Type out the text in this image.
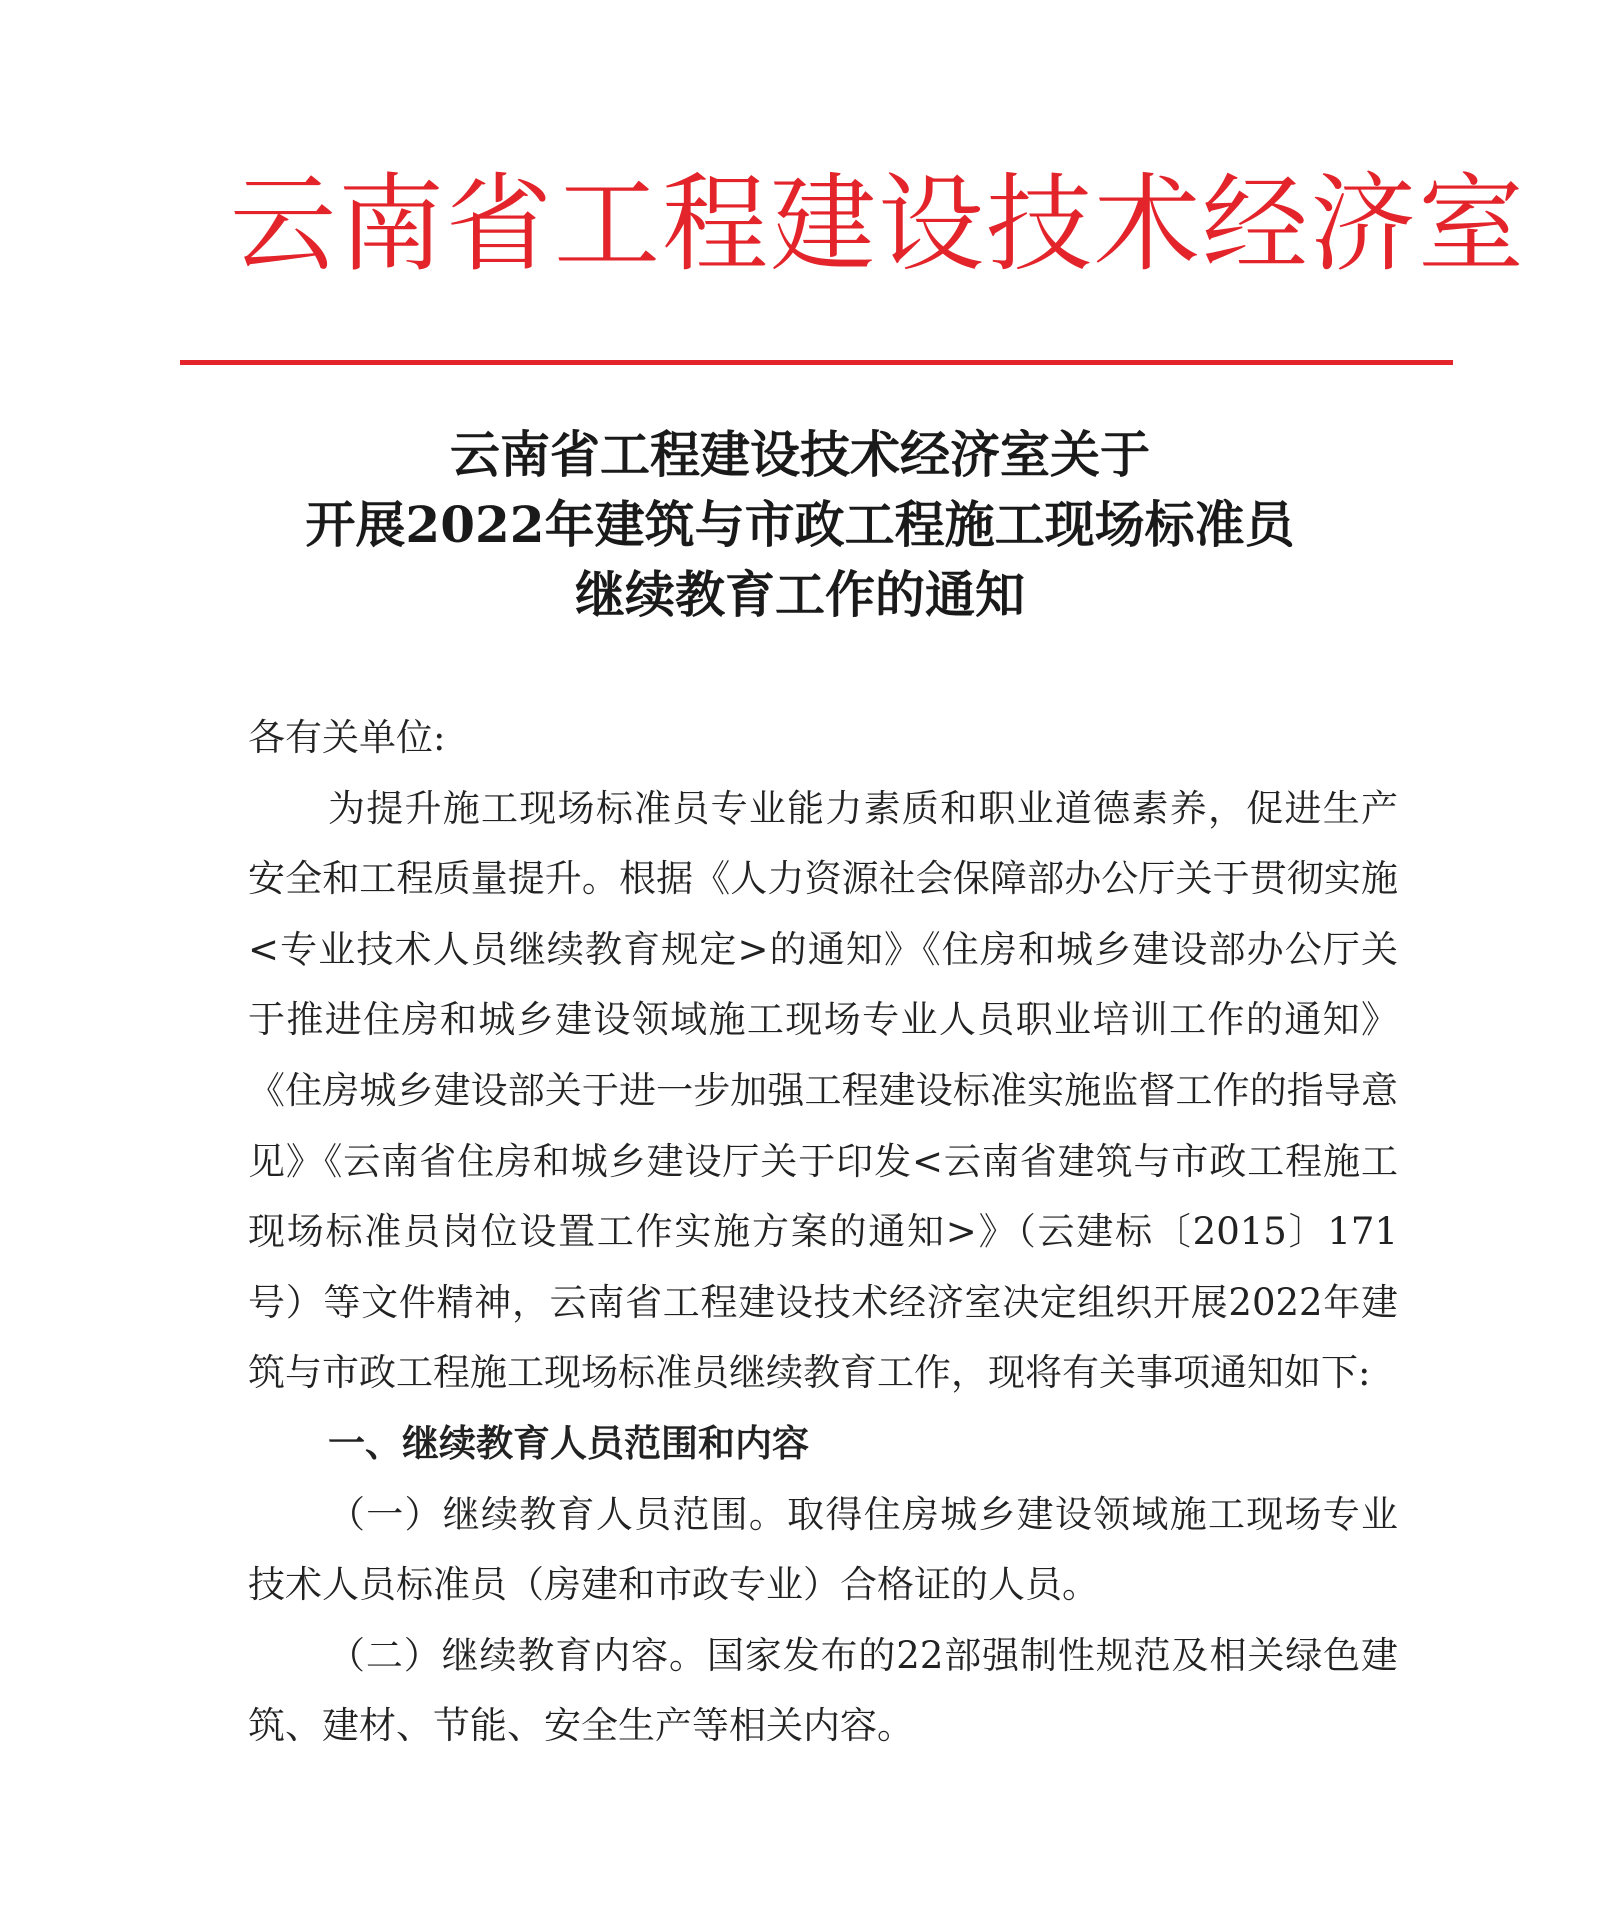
云南省工程建设技术经济室
云南省工程建设技术经济室关于
开展2022年建筑与市政工程施工现场标准员
继续教育工作的通知

各有关单位:

为提升施工现场标准员专业能力素质和职业道德素养，促进生产安全和工程质量提升。根据《人力资源社会保障部办公厅关于贯彻实施<专业技术人员继续教育规定>的通知》《住房和城乡建设部办公厅关于推进住房和城乡建设领域施工现场专业人员职业培训工作的通知》《住房城乡建设部关于进一步加强工程建设标准实施监督工作的指导意见》《云南省住房和城乡建设厅关于印发<云南省建筑与市政工程施工现场标准员岗位设置工作实施方案的通知>》（云建标〔2015〕171号）等文件精神，云南省工程建设技术经济室决定组织开展2022年建筑与市政工程施工现场标准员继续教育工作，现将有关事项通知如下:

一、继续教育人员范围和内容

（一）继续教育人员范围。取得住房城乡建设领域施工现场专业技术人员标准员（房建和市政专业）合格证的人员。

（二）继续教育内容。国家发布的22部强制性规范及相关绿色建筑、建材、节能、安全生产等相关内容。
